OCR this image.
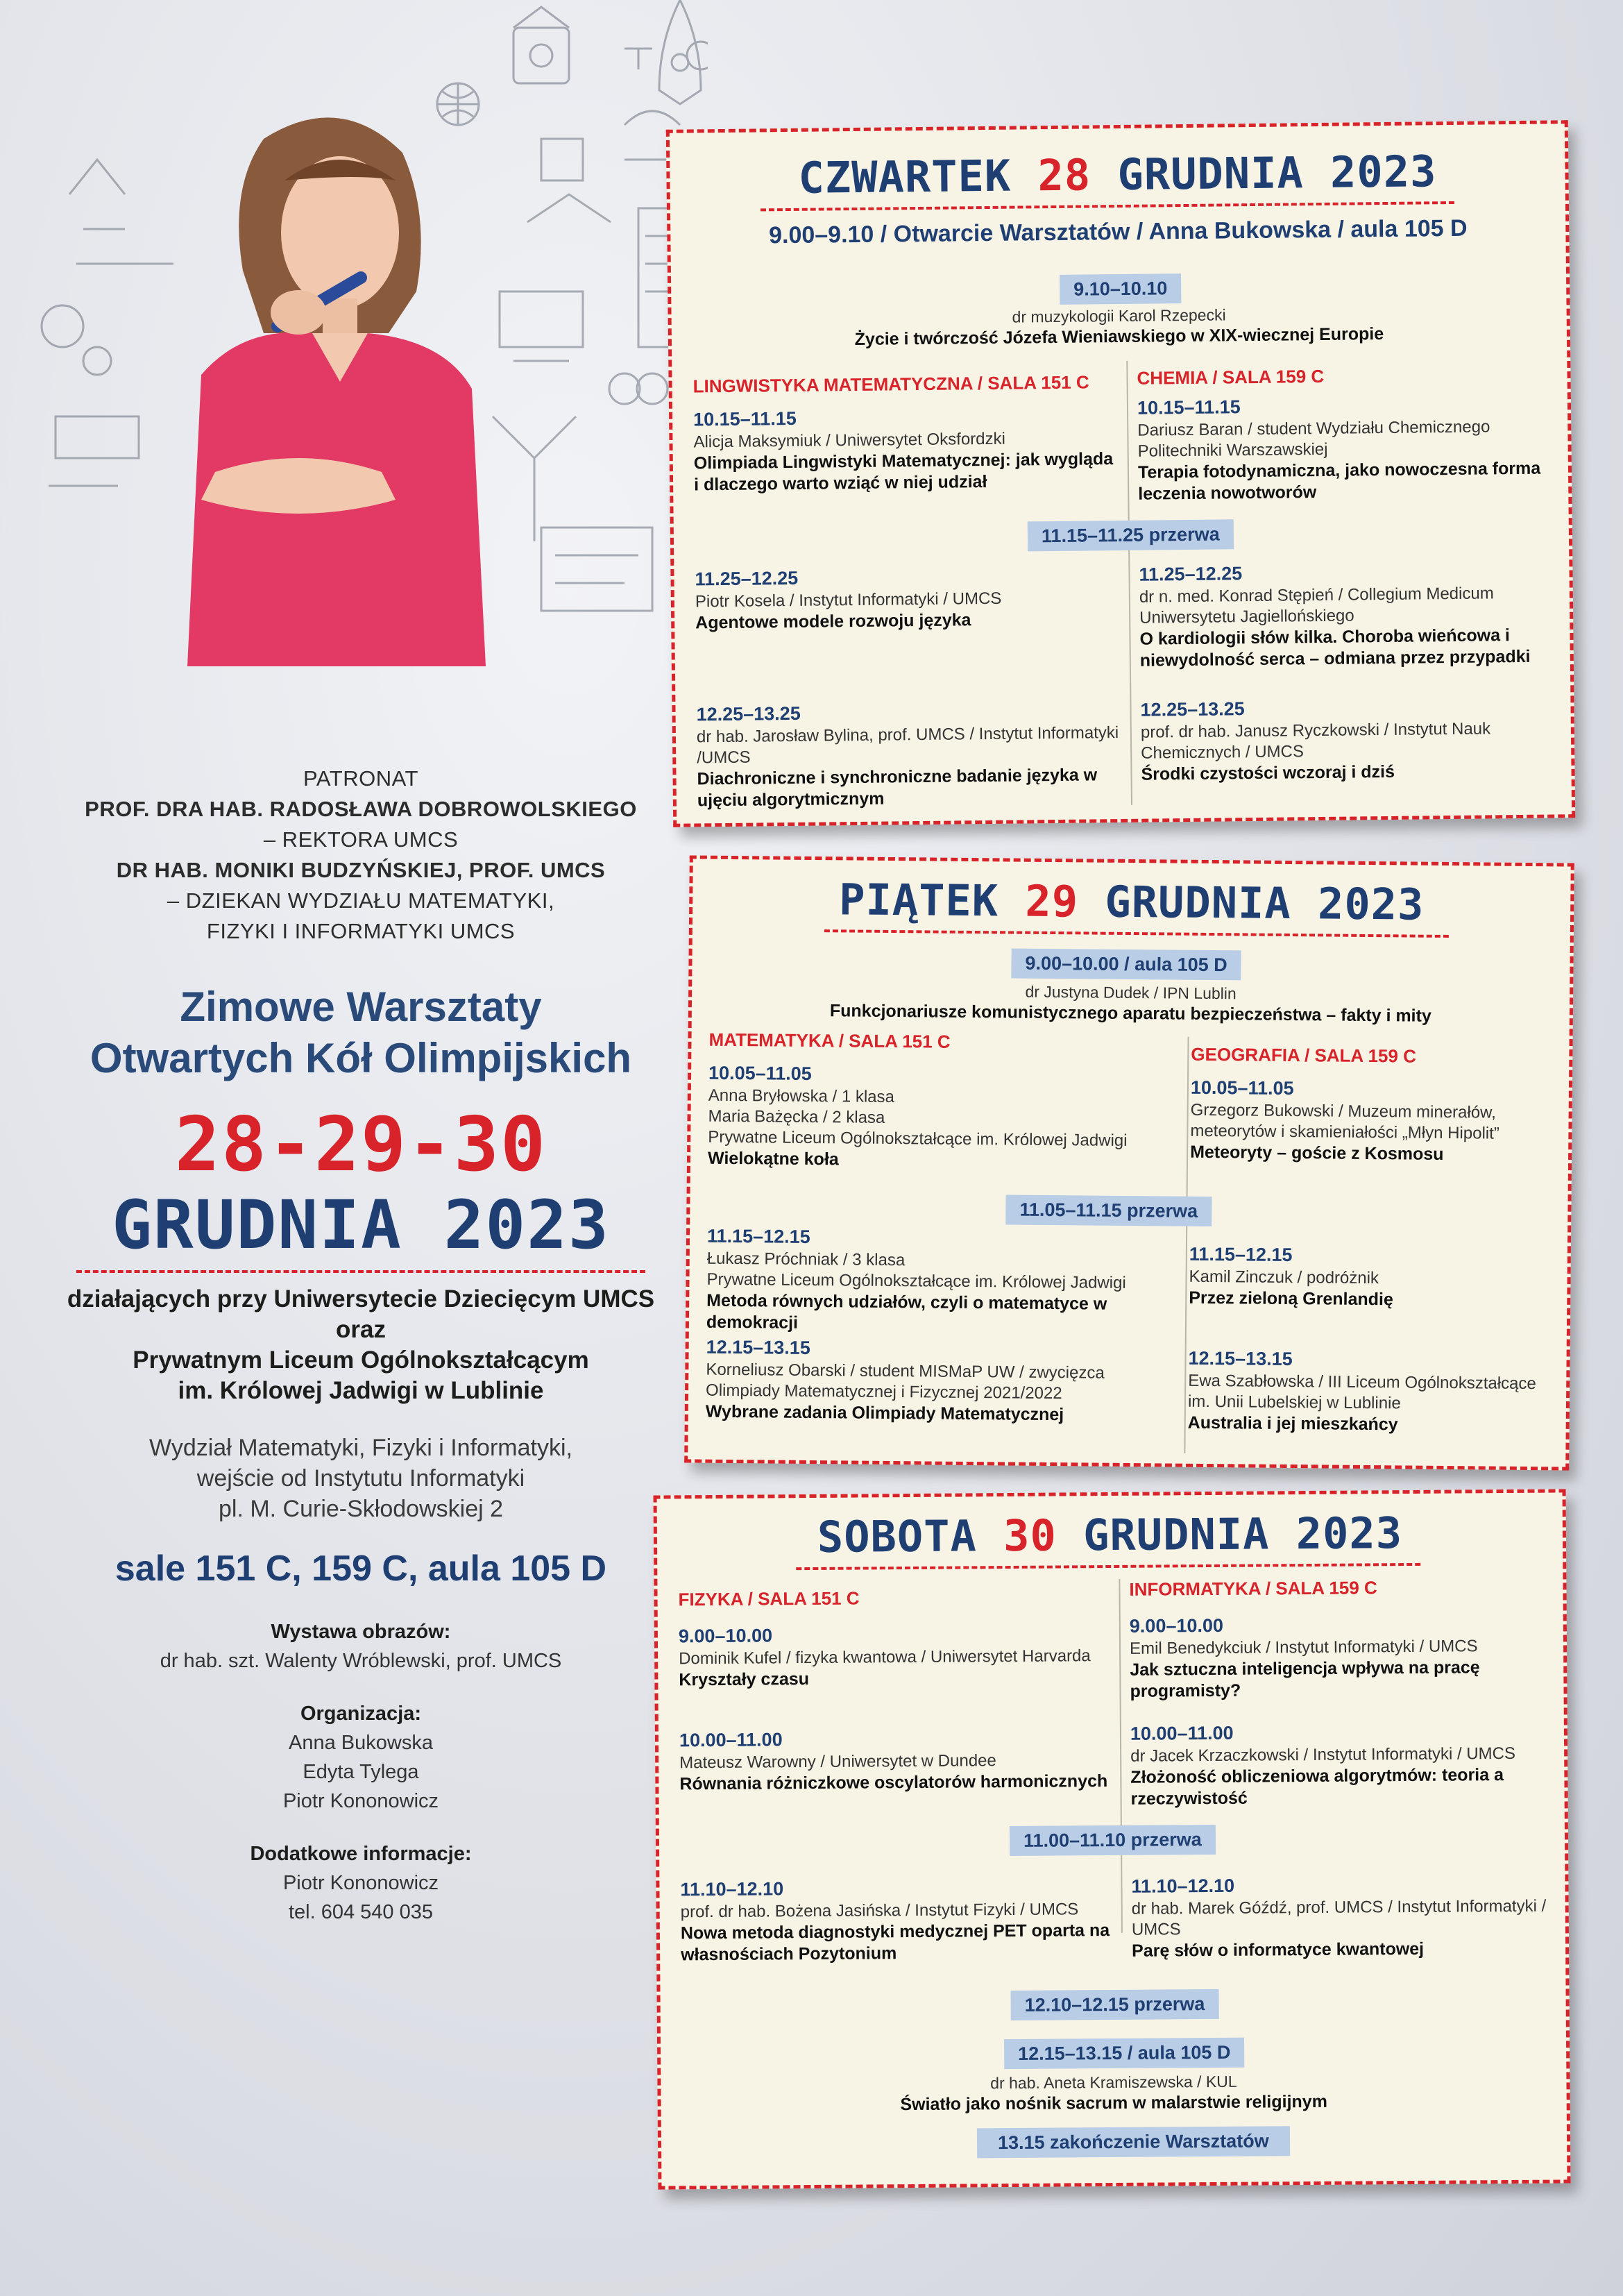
PATRONAT
PROF. DRA HAB. RADOSŁAWA DOBROWOLSKIEGO
– REKTORA UMCS
DR HAB. MONIKI BUDZYŃSKIEJ, PROF. UMCS
– DZIEKAN WYDZIAŁU MATEMATYKI,
FIZYKI I INFORMATYKI UMCS
Zimowe Warsztaty
Otwartych Kół Olimpijskich
28-29-30
GRUDNIA 2023
działających przy Uniwersytecie Dziecięcym UMCS
oraz
Prywatnym Liceum Ogólnokształcącym
im. Królowej Jadwigi w Lublinie
Wydział Matematyki, Fizyki i Informatyki,
wejście od Instytutu Informatyki
pl. M. Curie-Skłodowskiej 2
sale 151 C, 159 C, aula 105 D
Wystawa obrazów:
dr hab. szt. Walenty Wróblewski, prof. UMCS
Organizacja:
Anna Bukowska
Edyta Tylega
Piotr Kononowicz
Dodatkowe informacje:
Piotr Kononowicz
tel. 604 540 035
CZWARTEK 28 GRUDNIA 2023
9.00–9.10 / Otwarcie Warsztatów / Anna Bukowska / aula 105 D
9.10–10.10
dr muzykologii Karol Rzepecki
Życie i twórczość Józefa Wieniawskiego w XIX-wiecznej Europie
LINGWISTYKA MATEMATYCZNA / SALA 151 C	CHEMIA / SALA 159 C
10.15–11.15
Alicja Maksymiuk / Uniwersytet Oksfordzki
Olimpiada Lingwistyki Matematycznej: jak wygląda i dlaczego warto wziąć w niej udział
10.15–11.15
Dariusz Baran / student Wydziału Chemicznego Politechniki Warszawskiej
Terapia fotodynamiczna, jako nowoczesna forma leczenia nowotworów
11.15–11.25 przerwa
11.25–12.25
Piotr Kosela / Instytut Informatyki / UMCS
Agentowe modele rozwoju języka
11.25–12.25
dr n. med. Konrad Stępień / Collegium Medicum Uniwersytetu Jagiellońskiego
O kardiologii słów kilka. Choroba wieńcowa i niewydolność serca – odmiana przez przypadki
12.25–13.25
dr hab. Jarosław Bylina, prof. UMCS / Instytut Informatyki /UMCS
Diachroniczne i synchroniczne badanie języka w ujęciu algorytmicznym
12.25–13.25
prof. dr hab. Janusz Ryczkowski / Instytut Nauk Chemicznych / UMCS
Środki czystości wczoraj i dziś
PIĄTEK 29 GRUDNIA 2023
9.00–10.00 / aula 105 D
dr Justyna Dudek / IPN Lublin
Funkcjonariusze komunistycznego aparatu bezpieczeństwa – fakty i mity
MATEMATYKA / SALA 151 C
GEOGRAFIA / SALA 159 C
10.05–11.05
Anna Bryłowska / 1 klasa
Maria Bażęcka / 2 klasa
Prywatne Liceum Ogólnokształcące im. Królowej Jadwigi
Wielokątne koła
10.05–11.05
Grzegorz Bukowski / Muzeum minerałów, meteorytów i skamieniałości „Młyn Hipolit”
Meteoryty – goście z Kosmosu
11.05–11.15 przerwa
11.15–12.15
Łukasz Próchniak / 3 klasa
Prywatne Liceum Ogólnokształcące im. Królowej Jadwigi
Metoda równych udziałów, czyli o matematyce w demokracji
11.15–12.15
Kamil Zinczuk / podróżnik
Przez zieloną Grenlandię
12.15–13.15
Korneliusz Obarski / student MISMaP UW / zwycięzca Olimpiady Matematycznej i Fizycznej 2021/2022
Wybrane zadania Olimpiady Matematycznej
12.15–13.15
Ewa Szabłowska / III Liceum Ogólnokształcące im. Unii Lubelskiej w Lublinie
Australia i jej mieszkańcy
SOBOTA 30 GRUDNIA 2023
FIZYKA / SALA 151 C	INFORMATYKA / SALA 159 C
9.00–10.00
Dominik Kufel / fizyka kwantowa / Uniwersytet Harvarda
Kryształy czasu
9.00–10.00
Emil Benedykciuk / Instytut Informatyki / UMCS
Jak sztuczna inteligencja wpływa na pracę programisty?
10.00–11.00
Mateusz Warowny / Uniwersytet w Dundee
Równania różniczkowe oscylatorów harmonicznych
10.00–11.00
dr Jacek Krzaczkowski / Instytut Informatyki / UMCS
Złożoność obliczeniowa algorytmów: teoria a rzeczywistość
11.00–11.10 przerwa
11.10–12.10
prof. dr hab. Bożena Jasińska / Instytut Fizyki / UMCS
Nowa metoda diagnostyki medycznej PET oparta na własnościach Pozytonium
11.10–12.10
dr hab. Marek Góźdź, prof. UMCS / Instytut Informatyki / UMCS
Parę słów o informatyce kwantowej
12.10–12.15 przerwa
12.15–13.15 / aula 105 D
dr hab. Aneta Kramiszewska / KUL
Światło jako nośnik sacrum w malarstwie religijnym
13.15 zakończenie Warsztatów
